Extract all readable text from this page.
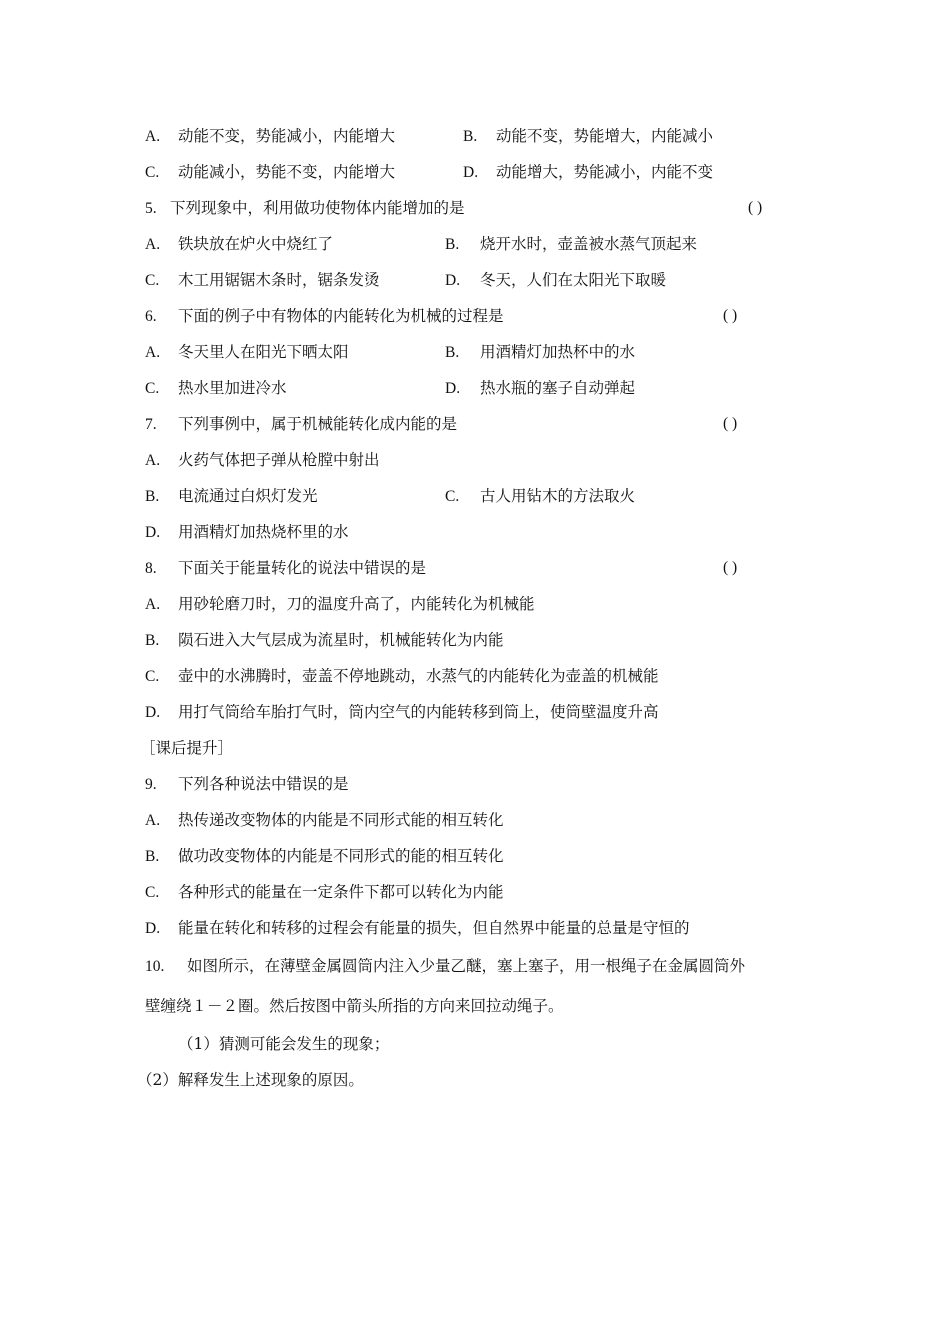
A. 动能不变，势能减小，内能增大	B. 动能不变，势能增大，内能减小
C. 动能减小，势能不变，内能增大	D. 动能增大，势能减小，内能不变
5. 下列现象中，利用做功使物体内能增加的是	( )
A. 铁块放在炉火中烧红了	B. 烧开水时，壶盖被水蒸气顶起来
C. 木工用锯锯木条时，锯条发烫	D. 冬天，人们在太阳光下取暖
6. 下面的例子中有物体的内能转化为机械的过程是	( )
A. 冬天里人在阳光下晒太阳	B. 用酒精灯加热杯中的水
C. 热水里加进冷水	D. 热水瓶的塞子自动弹起
7. 下列事例中，属于机械能转化成内能的是	( )
A. 火药气体把子弹从枪膛中射出
B. 电流通过白炽灯发光	C. 古人用钻木的方法取火
D. 用酒精灯加热烧杯里的水
8. 下面关于能量转化的说法中错误的是	( )
A. 用砂轮磨刀时，刀的温度升高了，内能转化为机械能
B. 陨石进入大气层成为流星时，机械能转化为内能
C. 壶中的水沸腾时，壶盖不停地跳动，水蒸气的内能转化为壶盖的机械能
D. 用打气筒给车胎打气时，筒内空气的内能转移到筒上，使筒壁温度升高
［课后提升］
9. 下列各种说法中错误的是
A. 热传递改变物体的内能是不同形式能的相互转化
B. 做功改变物体的内能是不同形式的能的相互转化
C. 各种形式的能量在一定条件下都可以转化为内能
D. 能量在转化和转移的过程会有能量的损失，但自然界中能量的总量是守恒的
10. 如图所示，在薄壁金属圆筒内注入少量乙醚，塞上塞子，用一根绳子在金属圆筒外
壁缠绕１－２圈。然后按图中箭头所指的方向来回拉动绳子。
（1）猜测可能会发生的现象；
（2）解释发生上述现象的原因。
